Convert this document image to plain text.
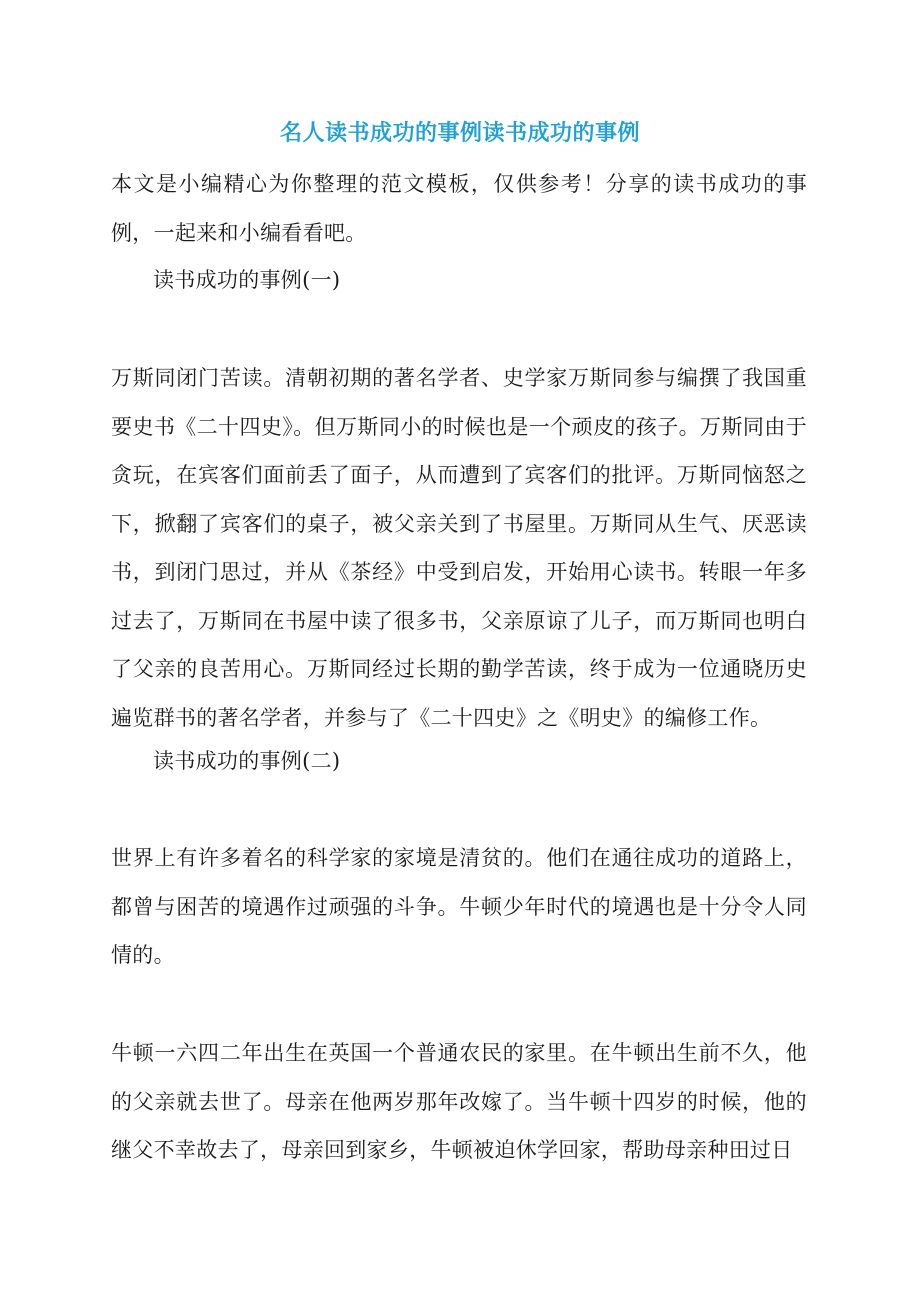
名人读书成功的事例读书成功的事例
本文是小编精心为你整理的范文模板，仅供参考！分享的读书成功的事例，一起来和小编看看吧。
读书成功的事例(一)
万斯同闭门苦读。清朝初期的著名学者、史学家万斯同参与编撰了我国重要史书《二十四史》。但万斯同小的时候也是一个顽皮的孩子。万斯同由于贪玩，在宾客们面前丢了面子，从而遭到了宾客们的批评。万斯同恼怒之下，掀翻了宾客们的桌子，被父亲关到了书屋里。万斯同从生气、厌恶读书，到闭门思过，并从《茶经》中受到启发，开始用心读书。转眼一年多过去了，万斯同在书屋中读了很多书，父亲原谅了儿子，而万斯同也明白了父亲的良苦用心。万斯同经过长期的勤学苦读，终于成为一位通晓历史遍览群书的著名学者，并参与了《二十四史》之《明史》的编修工作。
读书成功的事例(二)
世界上有许多着名的科学家的家境是清贫的。他们在通往成功的道路上，都曾与困苦的境遇作过顽强的斗争。牛顿少年时代的境遇也是十分令人同情的。
牛顿一六四二年出生在英国一个普通农民的家里。在牛顿出生前不久，他的父亲就去世了。母亲在他两岁那年改嫁了。当牛顿十四岁的时候，他的继父不幸故去了，母亲回到家乡，牛顿被迫休学回家，帮助母亲种田过日
